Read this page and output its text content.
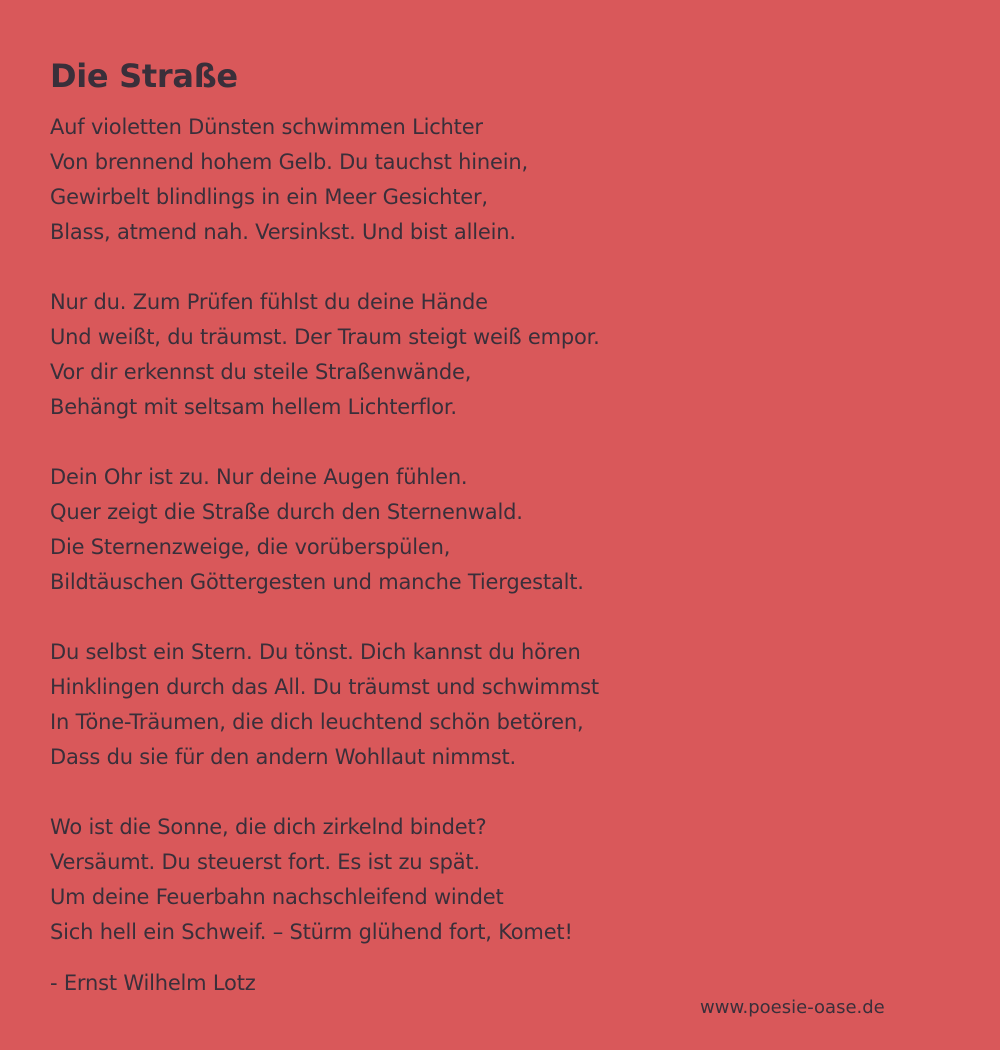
Die Straße
Auf violetten Dünsten schwimmen Lichter
Von brennend hohem Gelb. Du tauchst hinein,
Gewirbelt blindlings in ein Meer Gesichter,
Blass, atmend nah. Versinkst. Und bist allein.
Nur du. Zum Prüfen fühlst du deine Hände
Und weißt, du träumst. Der Traum steigt weiß empor.
Vor dir erkennst du steile Straßenwände,
Behängt mit seltsam hellem Lichterflor.
Dein Ohr ist zu. Nur deine Augen fühlen.
Quer zeigt die Straße durch den Sternenwald.
Die Sternenzweige, die vorüberspülen,
Bildtäuschen Göttergesten und manche Tiergestalt.
Du selbst ein Stern. Du tönst. Dich kannst du hören
Hinklingen durch das All. Du träumst und schwimmst
In Töne-Träumen, die dich leuchtend schön betören,
Dass du sie für den andern Wohllaut nimmst.
Wo ist die Sonne, die dich zirkelnd bindet?
Versäumt. Du steuerst fort. Es ist zu spät.
Um deine Feuerbahn nachschleifend windet
Sich hell ein Schweif. – Stürm glühend fort, Komet!
- Ernst Wilhelm Lotz
www.poesie-oase.de
